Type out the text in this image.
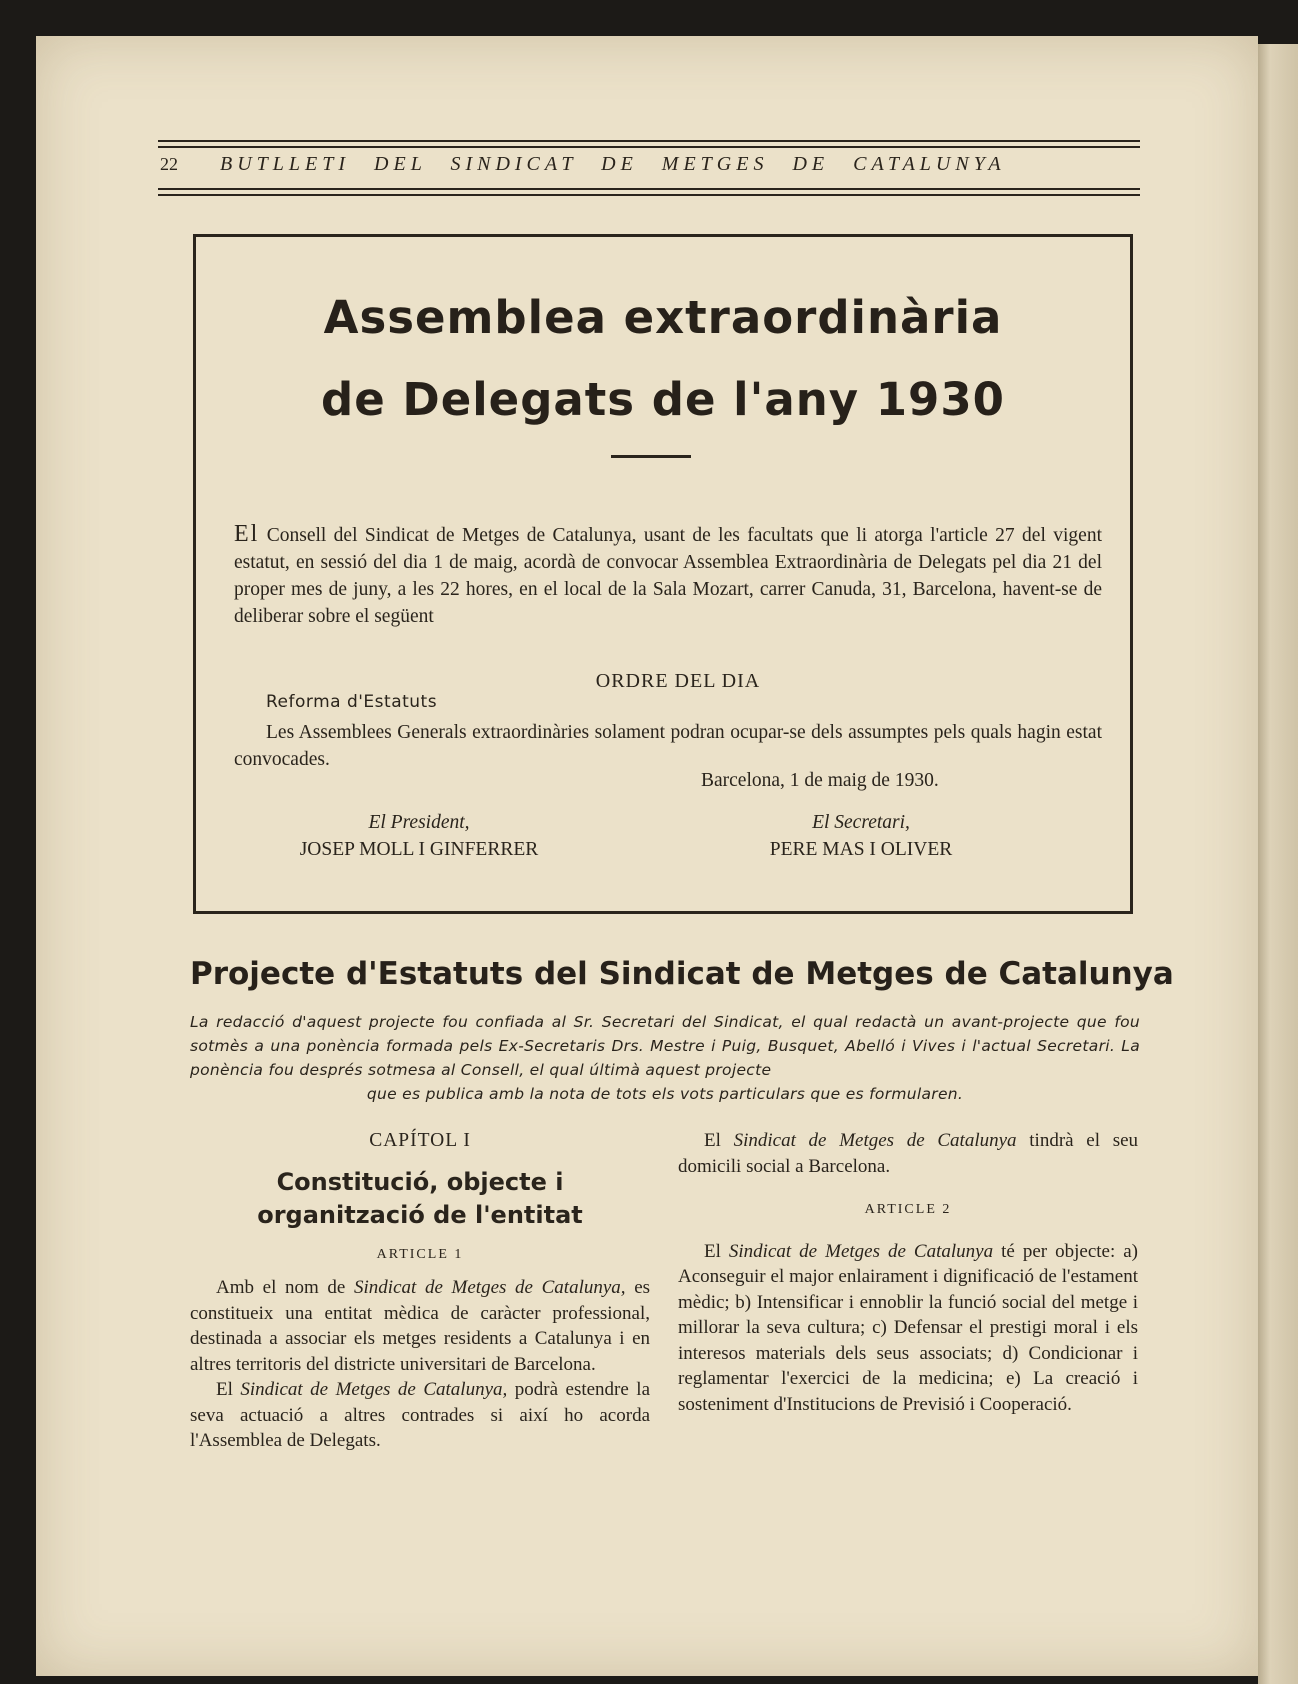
22 BUTLLETI DEL SINDICAT DE METGES DE CATALUNYA
Assemblea extraordinària
de Delegats de l'any 1930
El Consell del Sindicat de Metges de Catalunya, usant de les facultats que li atorga l'article 27 del vigent estatut, en sessió del dia 1 de maig, acordà de convocar Assemblea Extraordinària de Delegats pel dia 21 del proper mes de juny, a les 22 hores, en el local de la Sala Mozart, carrer Canuda, 31, Barcelona, havent-se de deliberar sobre el següent
ORDRE DEL DIA
Reforma d'Estatuts
Les Assemblees Generals extraordinàries solament podran ocupar-se dels assumptes pels quals hagin estat convocades.
Barcelona, 1 de maig de 1930.
El President,
JOSEP MOLL I GINFERRER
El Secretari,
PERE MAS I OLIVER
Projecte d'Estatuts del Sindicat de Metges de Catalunya
La redacció d'aquest projecte fou confiada al Sr. Secretari del Sindicat, el qual redactà un avant-projecte que fou sotmès a una ponència formada pels Ex-Secretaris Drs. Mestre i Puig, Busquet, Abelló i Vives i l'actual Secretari. La ponència fou després sotmesa al Consell, el qual últimà aquest projecte
que es publica amb la nota de tots els vots particulars que es formularen.
CAPÍTOL I
Constitució, objecte i organització de l'entitat
ARTICLE 1

Amb el nom de Sindicat de Metges de Catalunya, es constitueix una entitat mèdica de caràcter professional, destinada a associar els metges residents a Catalunya i en altres territoris del districte universitari de Barcelona.

El Sindicat de Metges de Catalunya, podrà estendre la seva actuació a altres contrades si així ho acorda l'Assemblea de Delegats.

El Sindicat de Metges de Catalunya tindrà el seu domicili social a Barcelona.

ARTICLE 2

El Sindicat de Metges de Catalunya té per objecte: a) Aconseguir el major enlairament i dignificació de l'estament mèdic; b) Intensificar i ennoblir la funció social del metge i millorar la seva cultura; c) Defensar el prestigi moral i els interesos materials dels seus associats; d) Condicionar i reglamentar l'exercici de la medicina; e) La creació i sosteniment d'Institucions de Previsió i Cooperació.
